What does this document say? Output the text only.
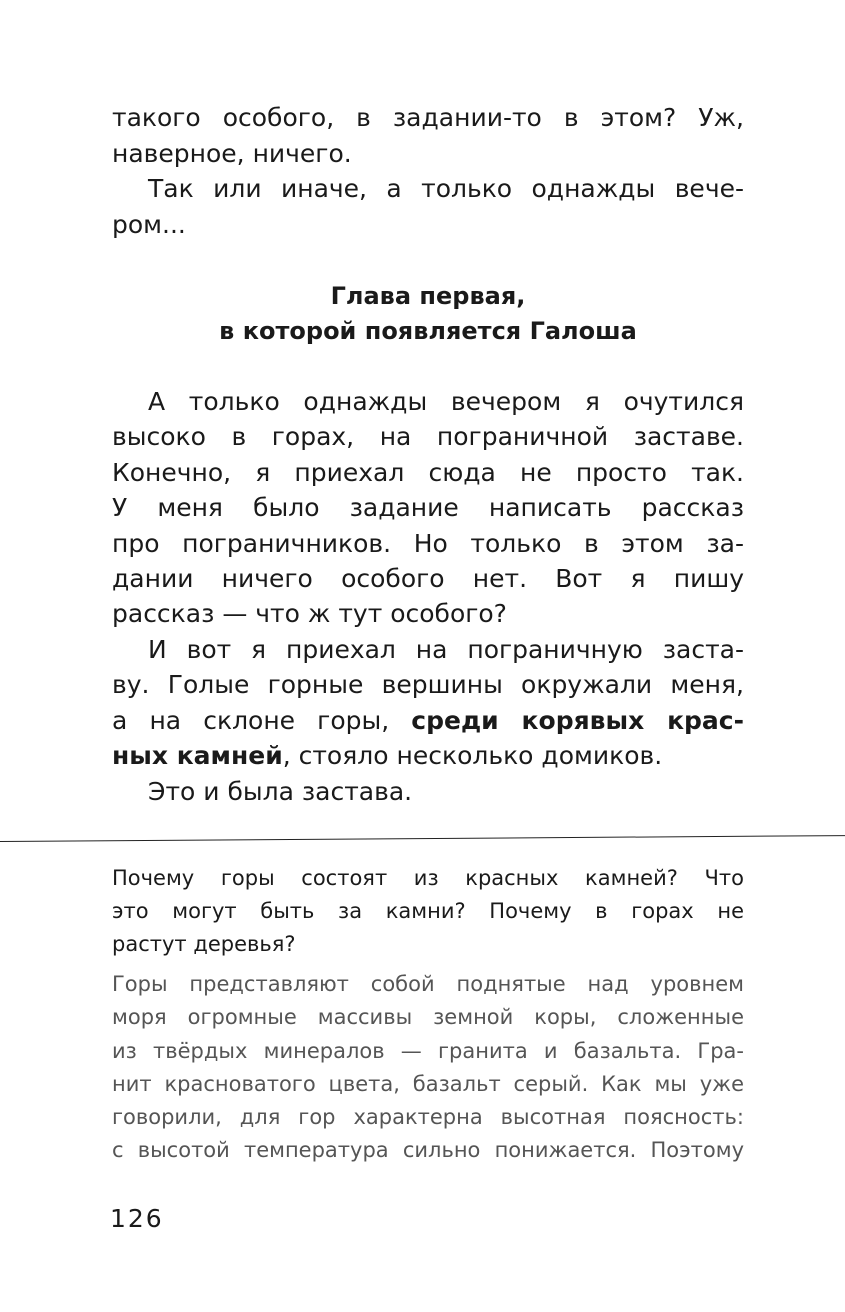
такого особого, в задании-то в этом? Уж,
наверное, ничего.
Так или иначе, а только однажды вече-
ром...
Глава первая,
в которой появляется Галоша
А только однажды вечером я очутился
высоко в горах, на пограничной заставе.
Конечно, я приехал сюда не просто так.
У меня было задание написать рассказ
про пограничников. Но только в этом за-
дании ничего особого нет. Вот я пишу
рассказ — что ж тут особого?
И вот я приехал на пограничную заста-
ву. Голые горные вершины окружали меня,
а на склоне горы, среди корявых крас-
ных камней, стояло несколько домиков.
Это и была застава.
Почему горы состоят из красных камней? Что
это могут быть за камни? Почему в горах не
растут деревья?
Горы представляют собой поднятые над уровнем
моря огромные массивы земной коры, сложенные
из твёрдых минералов — гранита и базальта. Гра-
нит красноватого цвета, базальт серый. Как мы уже
говорили, для гор характерна высотная поясность:
с высотой температура сильно понижается. Поэтому
126
